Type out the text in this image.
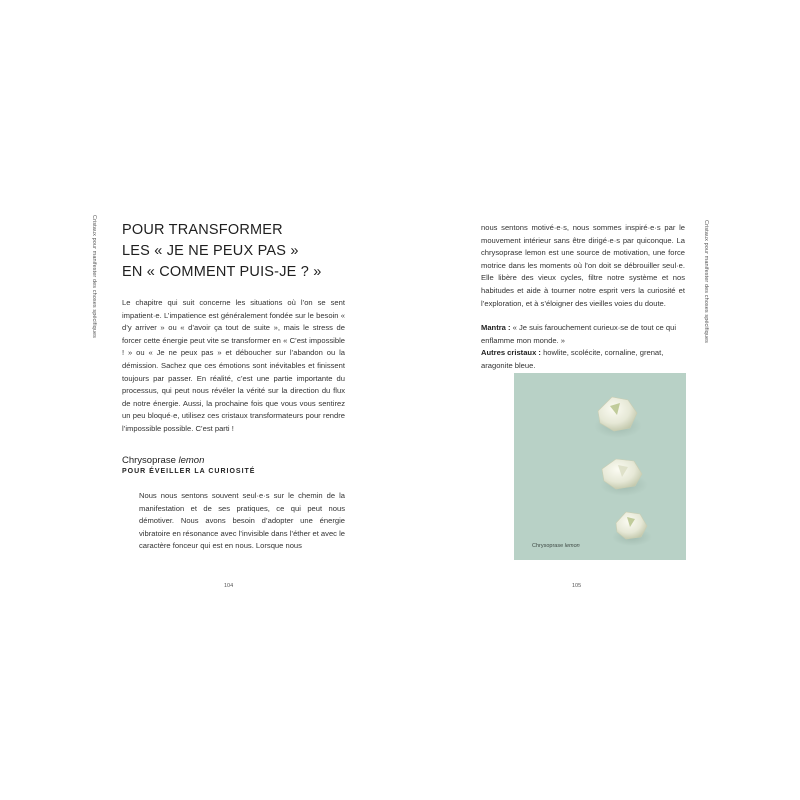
Cristaux pour manifester des choses spécifiques POUR TRANSFORMER
LES « JE NE PEUX PAS »
EN « COMMENT PUIS-JE ? »
Le chapitre qui suit concerne les situations où l’on se sent impatient·e. L’impatience est généralement fondée sur le besoin « d’y arriver » ou « d’avoir ça tout de suite », mais le stress de forcer cette énergie peut vite se transformer en « C’est impossible ! » ou « Je ne peux pas » et déboucher sur l’abandon ou la démission. Sachez que ces émotions sont inévitables et finissent toujours par passer. En réalité, c’est une partie importante du processus, qui peut nous révéler la vérité sur la direction du flux de notre énergie. Aussi, la prochaine fois que vous vous sentirez un peu bloqué·e, utilisez ces cristaux transformateurs pour rendre l’impossible possible. C’est parti !
Chrysoprase lemon
POUR ÉVEILLER LA CURIOSITÉ
Nous nous sentons souvent seul·e·s sur le chemin de la manifestation et de ses pratiques, ce qui peut nous démotiver. Nous avons besoin d’adopter une énergie vibratoire en résonance avec l’invisible dans l’éther et avec le caractère fonceur qui est en nous. Lorsque nous
104
Cristaux pour manifester des choses spécifiques
nous sentons motivé·e·s, nous sommes inspiré·e·s par le mouvement intérieur sans être dirigé·e·s par quiconque. La chrysoprase lemon est une source de motivation, une force motrice dans les moments où l’on doit se débrouiller seul·e. Elle libère des vieux cycles, filtre notre système et nos habitudes et aide à tourner notre esprit vers la curiosité et l’exploration, et à s’éloigner des vieilles voies du doute.
Mantra : « Je suis farouchement curieux·se de tout ce qui enflamme mon monde. »
Autres cristaux : howlite, scolécite, cornaline, grenat, aragonite bleue.
Chrysoprase lemon
105
